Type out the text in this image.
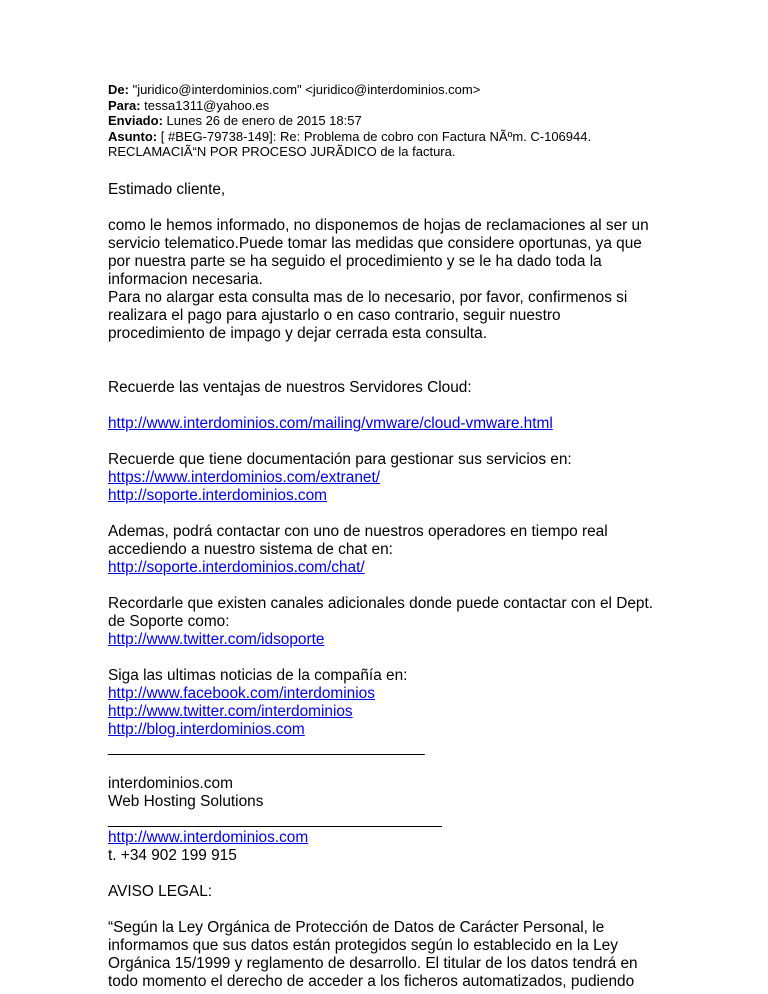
De: "juridico@interdominios.com" <juridico@interdominios.com>
Para: tessa1311@yahoo.es
Enviado: Lunes 26 de enero de 2015 18:57
Asunto: [ #BEG-79738-149]: Re: Problema de cobro con Factura NÃºm. C-106944.
RECLAMACIÃ“N POR PROCESO JURÃDICO de la factura.

Estimado cliente,

como le hemos informado, no disponemos de hojas de reclamaciones al ser un

servicio telematico.Puede tomar las medidas que considere oportunas, ya que

por nuestra parte se ha seguido el procedimiento y se le ha dado toda la

informacion necesaria.

Para no alargar esta consulta mas de lo necesario, por favor, confirmenos si

realizara el pago para ajustarlo o en caso contrario, seguir nuestro

procedimiento de impago y dejar cerrada esta consulta.

Recuerde las ventajas de nuestros Servidores Cloud:

http://www.interdominios.com/mailing/vmware/cloud-vmware.html

Recuerde que tiene documentación para gestionar sus servicios en:

https://www.interdominios.com/extranet/
http://soporte.interdominios.com

Ademas, podrá contactar con uno de nuestros operadores en tiempo real

accediendo a nuestro sistema de chat en:

http://soporte.interdominios.com/chat/

Recordarle que existen canales adicionales donde puede contactar con el Dept.

de Soporte como:

http://www.twitter.com/idsoporte

Siga las ultimas noticias de la compañía en:

http://www.facebook.com/interdominios
http://www.twitter.com/interdominios
http://blog.interdominios.com
_____________________________________

interdominios.com

Web Hosting Solutions

_______________________________________
http://www.interdominios.com

t. +34 902 199 915

AVISO LEGAL:

“Según la Ley Orgánica de Protección de Datos de Carácter Personal, le

informamos que sus datos están protegidos según lo establecido en la Ley

Orgánica 15/1999 y reglamento de desarrollo. El titular de los datos tendrá en

todo momento el derecho de acceder a los ficheros automatizados, pudiendo
